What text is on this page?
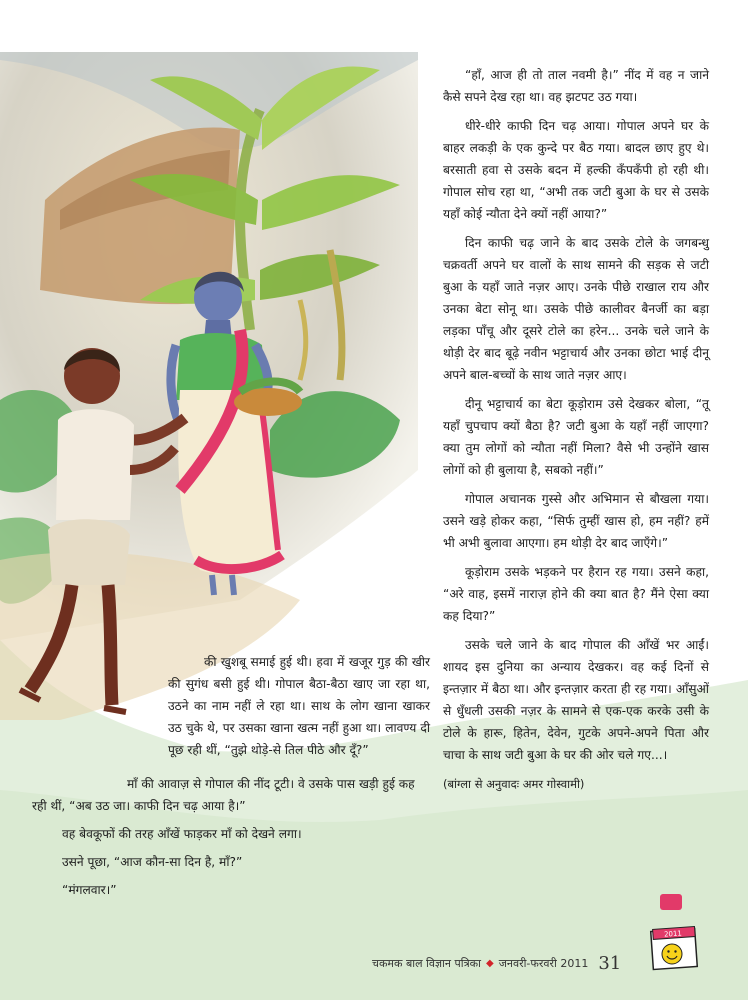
“हाँ, आज ही तो ताल नवमी है।” नींद में वह न जाने कैसे सपने देख रहा था। वह झटपट उठ गया।

धीरे-धीरे काफी दिन चढ़ आया। गोपाल अपने घर के बाहर लकड़ी के एक कुन्दे पर बैठ गया। बादल छाए हुए थे। बरसाती हवा से उसके बदन में हल्की कँपकँपी हो रही थी। गोपाल सोच रहा था, “अभी तक जटी बुआ के घर से उसके यहाँ कोई न्यौता देने क्यों नहीं आया?”

दिन काफी चढ़ जाने के बाद उसके टोले के जगबन्धु चक्रवर्ती अपने घर वालों के साथ सामने की सड़क से जटी बुआ के यहाँ जाते नज़र आए। उनके पीछे राखाल राय और उनका बेटा सोनू था। उसके पीछे कालीवर बैनर्जी का बड़ा लड़का पाँचू और दूसरे टोले का हरेन... उनके चले जाने के थोड़ी देर बाद बूढ़े नवीन भट्टाचार्य और उनका छोटा भाई दीनू अपने बाल-बच्चों के साथ जाते नज़र आए।

दीनू भट्टाचार्य का बेटा कूड़ोराम उसे देखकर बोला, “तू यहाँ चुपचाप क्यों बैठा है? जटी बुआ के यहाँ नहीं जाएगा? क्या तुम लोगों को न्यौता नहीं मिला? वैसे भी उन्होंने खास लोगों को ही बुलाया है, सबको नहीं।”

गोपाल अचानक गुस्से और अभिमान से बौखला गया। उसने खड़े होकर कहा, “सिर्फ तुम्हीं खास हो, हम नहीं? हमें भी अभी बुलावा आएगा। हम थोड़ी देर बाद जाएँगे।”

कूड़ोराम उसके भड़कने पर हैरान रह गया। उसने कहा, “अरे वाह, इसमें नाराज़ होने की क्या बात है? मैंने ऐसा क्या कह दिया?”

उसके चले जाने के बाद गोपाल की आँखें भर आईं। शायद इस दुनिया का अन्याय देखकर। वह कई दिनों से इन्तज़ार में बैठा था। और इन्तज़ार करता ही रह गया। आँसुओं से धुँधली उसकी नज़र के सामने से एक-एक करके उसी के टोले के हारू, हितेन, देवेन, गुटके अपने-अपने पिता और चाचा के साथ जटी बुआ के घर की ओर चले गए...।

(बांग्ला से अनुवादः अमर गोस्वामी)

की खुशबू समाई हुई थी। हवा में खजूर गुड़ की खीर की सुगंध बसी हुई थी। गोपाल बैठा-बैठा खाए जा रहा था, उठने का नाम नहीं ले रहा था। साथ के लोग खाना खाकर उठ चुके थे, पर उसका खाना खत्म नहीं हुआ था। लावण्य दी पूछ रही थीं, “तुझे थोड़े-से तिल पीठे और दूँ?”

माँ की आवाज़ से गोपाल की नींद टूटी। वे उसके पास खड़ी हुई कह रही थीं, “अब उठ जा। काफी दिन चढ़ आया है।”

वह बेवकूफों की तरह आँखें फाड़कर माँ को देखने लगा।

उसने पूछा, “आज कौन-सा दिन है, माँ?”

“मंगलवार।”

चकमक बाल विज्ञान पत्रिका ◆ जनवरी-फरवरी 2011 31
2011
